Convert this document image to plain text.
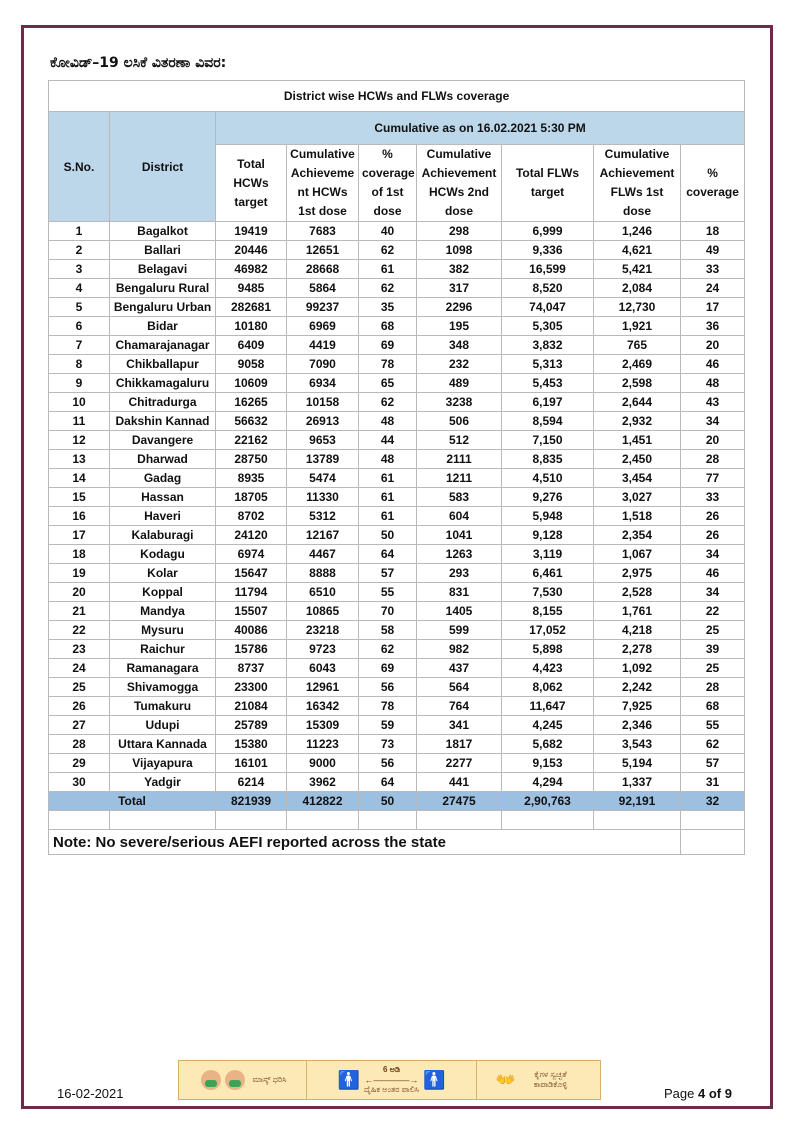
ಕೋವಿಡ್–19 ಲಸಿಕೆ ವಿತರಣಾ ವಿವರ:
District wise HCWs and FLWs coverage								
S.No.	District	Cumulative as on 16.02.2021 5:30 PM						
		Total HCWs target	Cumulative Achieveme nt HCWs 1st dose	% coverage of 1st dose	Cumulative Achievement HCWs 2nd dose	Total FLWs target	Cumulative Achievement FLWs 1st dose	% coverage
1	Bagalkot	19419	7683	40	298	6,999	1,246	18
2	Ballari	20446	12651	62	1098	9,336	4,621	49
3	Belagavi	46982	28668	61	382	16,599	5,421	33
4	Bengaluru Rural	9485	5864	62	317	8,520	2,084	24
5	Bengaluru Urban	282681	99237	35	2296	74,047	12,730	17
6	Bidar	10180	6969	68	195	5,305	1,921	36
7	Chamarajanagar	6409	4419	69	348	3,832	765	20
8	Chikballapur	9058	7090	78	232	5,313	2,469	46
9	Chikkamagaluru	10609	6934	65	489	5,453	2,598	48
10	Chitradurga	16265	10158	62	3238	6,197	2,644	43
11	Dakshin Kannad	56632	26913	48	506	8,594	2,932	34
12	Davangere	22162	9653	44	512	7,150	1,451	20
13	Dharwad	28750	13789	48	2111	8,835	2,450	28
14	Gadag	8935	5474	61	1211	4,510	3,454	77
15	Hassan	18705	11330	61	583	9,276	3,027	33
16	Haveri	8702	5312	61	604	5,948	1,518	26
17	Kalaburagi	24120	12167	50	1041	9,128	2,354	26
18	Kodagu	6974	4467	64	1263	3,119	1,067	34
19	Kolar	15647	8888	57	293	6,461	2,975	46
20	Koppal	11794	6510	55	831	7,530	2,528	34
21	Mandya	15507	10865	70	1405	8,155	1,761	22
22	Mysuru	40086	23218	58	599	17,052	4,218	25
23	Raichur	15786	9723	62	982	5,898	2,278	39
24	Ramanagara	8737	6043	69	437	4,423	1,092	25
25	Shivamogga	23300	12961	56	564	8,062	2,242	28
26	Tumakuru	21084	16342	78	764	11,647	7,925	68
27	Udupi	25789	15309	59	341	4,245	2,346	55
28	Uttara Kannada	15380	11223	73	1817	5,682	3,543	62
29	Vijayapura	16101	9000	56	2277	9,153	5,194	57
30	Yadgir	6214	3962	64	441	4,294	1,337	31
Total		821939	412822	50	27475	2,90,763	92,191	32

Note: No severe/serious AEFI reported across the state								
ಮಾಸ್ಕ್ ಧರಿಸಿ	🚹	6 ಅಡಿ
←————→
ದೈಹಿಕ ಅಂತರ ಪಾಲಿಸಿ 🚹	👐	ಕೈಗಳ ಸ್ವಚ್ಛತೆ ಕಾಪಾಡಿಕೊಳ್ಳಿ
16-02-2021	Page 4 of 9
